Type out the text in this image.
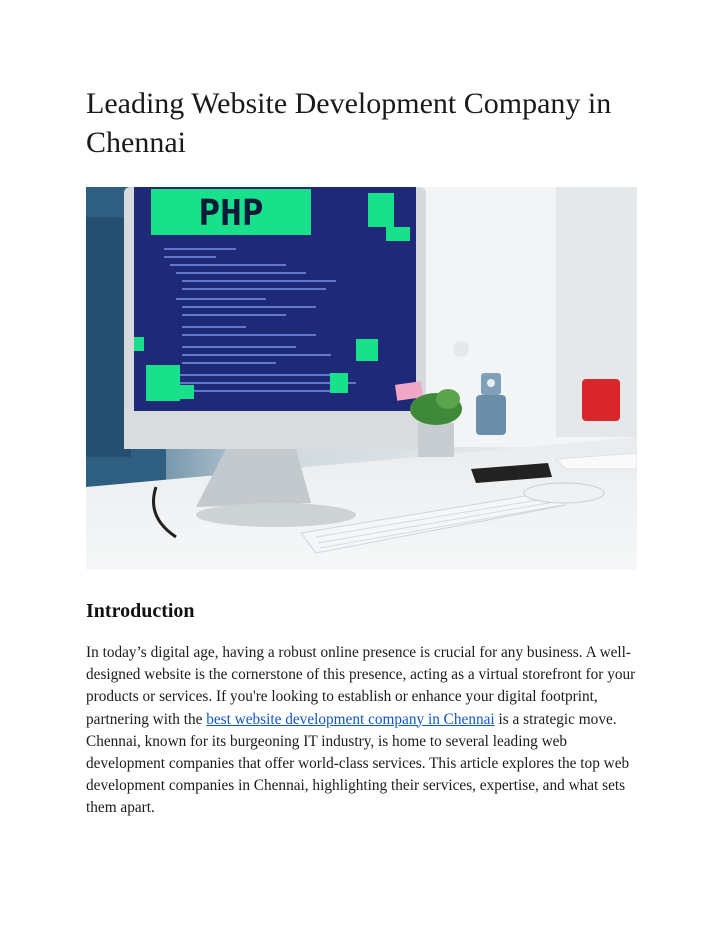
Leading Website Development Company in Chennai
PHP
Introduction

In today’s digital age, having a robust online presence is crucial for any business. A well-designed website is the cornerstone of this presence, acting as a virtual storefront for your products or services. If you're looking to establish or enhance your digital footprint, partnering with the best website development company in Chennai is a strategic move. Chennai, known for its burgeoning IT industry, is home to several leading web development companies that offer world-class services. This article explores the top web development companies in Chennai, highlighting their services, expertise, and what sets them apart.
